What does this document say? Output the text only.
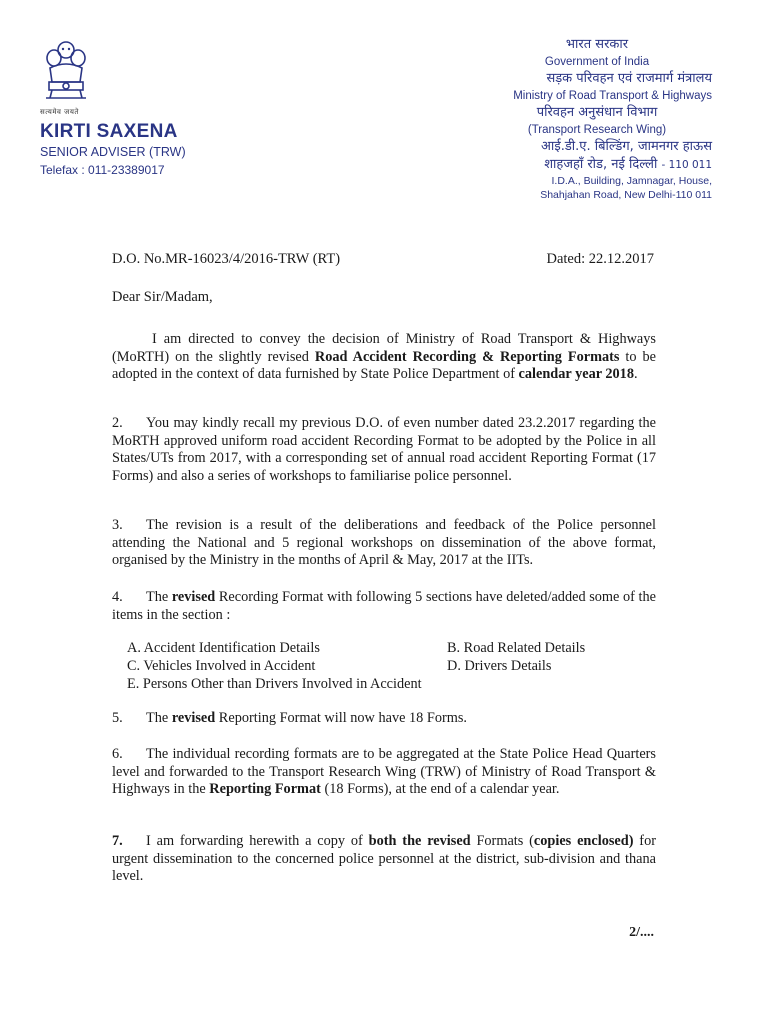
सत्यमेव जयते
KIRTI SAXENA
SENIOR ADVISER (TRW)
Telefax : 011-23389017
भारत सरकार
Government of India
सड़क परिवहन एवं राजमार्ग मंत्रालय
Ministry of Road Transport & Highways
परिवहन अनुसंधान विभाग
(Transport Research Wing)
आई.डी.ए. बिल्डिंग, जामनगर हाऊस
शाहजहाँ रोड, नई दिल्ली - 110 011
I.D.A., Building, Jamnagar, House,
Shahjahan Road, New Delhi-110 011
D.O. No.MR-16023/4/2016-TRW (RT)	Dated: 22.12.2017
Dear Sir/Madam,
I am directed to convey the decision of Ministry of Road Transport & Highways (MoRTH) on the slightly revised Road Accident Recording & Reporting Formats to be adopted in the context of data furnished by State Police Department of calendar year 2018.
2. You may kindly recall my previous D.O. of even number dated 23.2.2017 regarding the MoRTH approved uniform road accident Recording Format to be adopted by the Police in all States/UTs from 2017, with a corresponding set of annual road accident Reporting Format (17 Forms) and also a series of workshops to familiarise police personnel.
3. The revision is a result of the deliberations and feedback of the Police personnel attending the National and 5 regional workshops on dissemination of the above format, organised by the Ministry in the months of April & May, 2017 at the IITs.
4. The revised Recording Format with following 5 sections have deleted/added some of the items in the section :
A. Accident Identification Details	B. Road Related Details
C. Vehicles Involved in Accident	D. Drivers Details
E. Persons Other than Drivers Involved in Accident
5. The revised Reporting Format will now have 18 Forms.
6. The individual recording formats are to be aggregated at the State Police Head Quarters level and forwarded to the Transport Research Wing (TRW) of Ministry of Road Transport & Highways in the Reporting Format (18 Forms), at the end of a calendar year.
7. I am forwarding herewith a copy of both the revised Formats (copies enclosed) for urgent dissemination to the concerned police personnel at the district, sub-division and thana level.
2/....
